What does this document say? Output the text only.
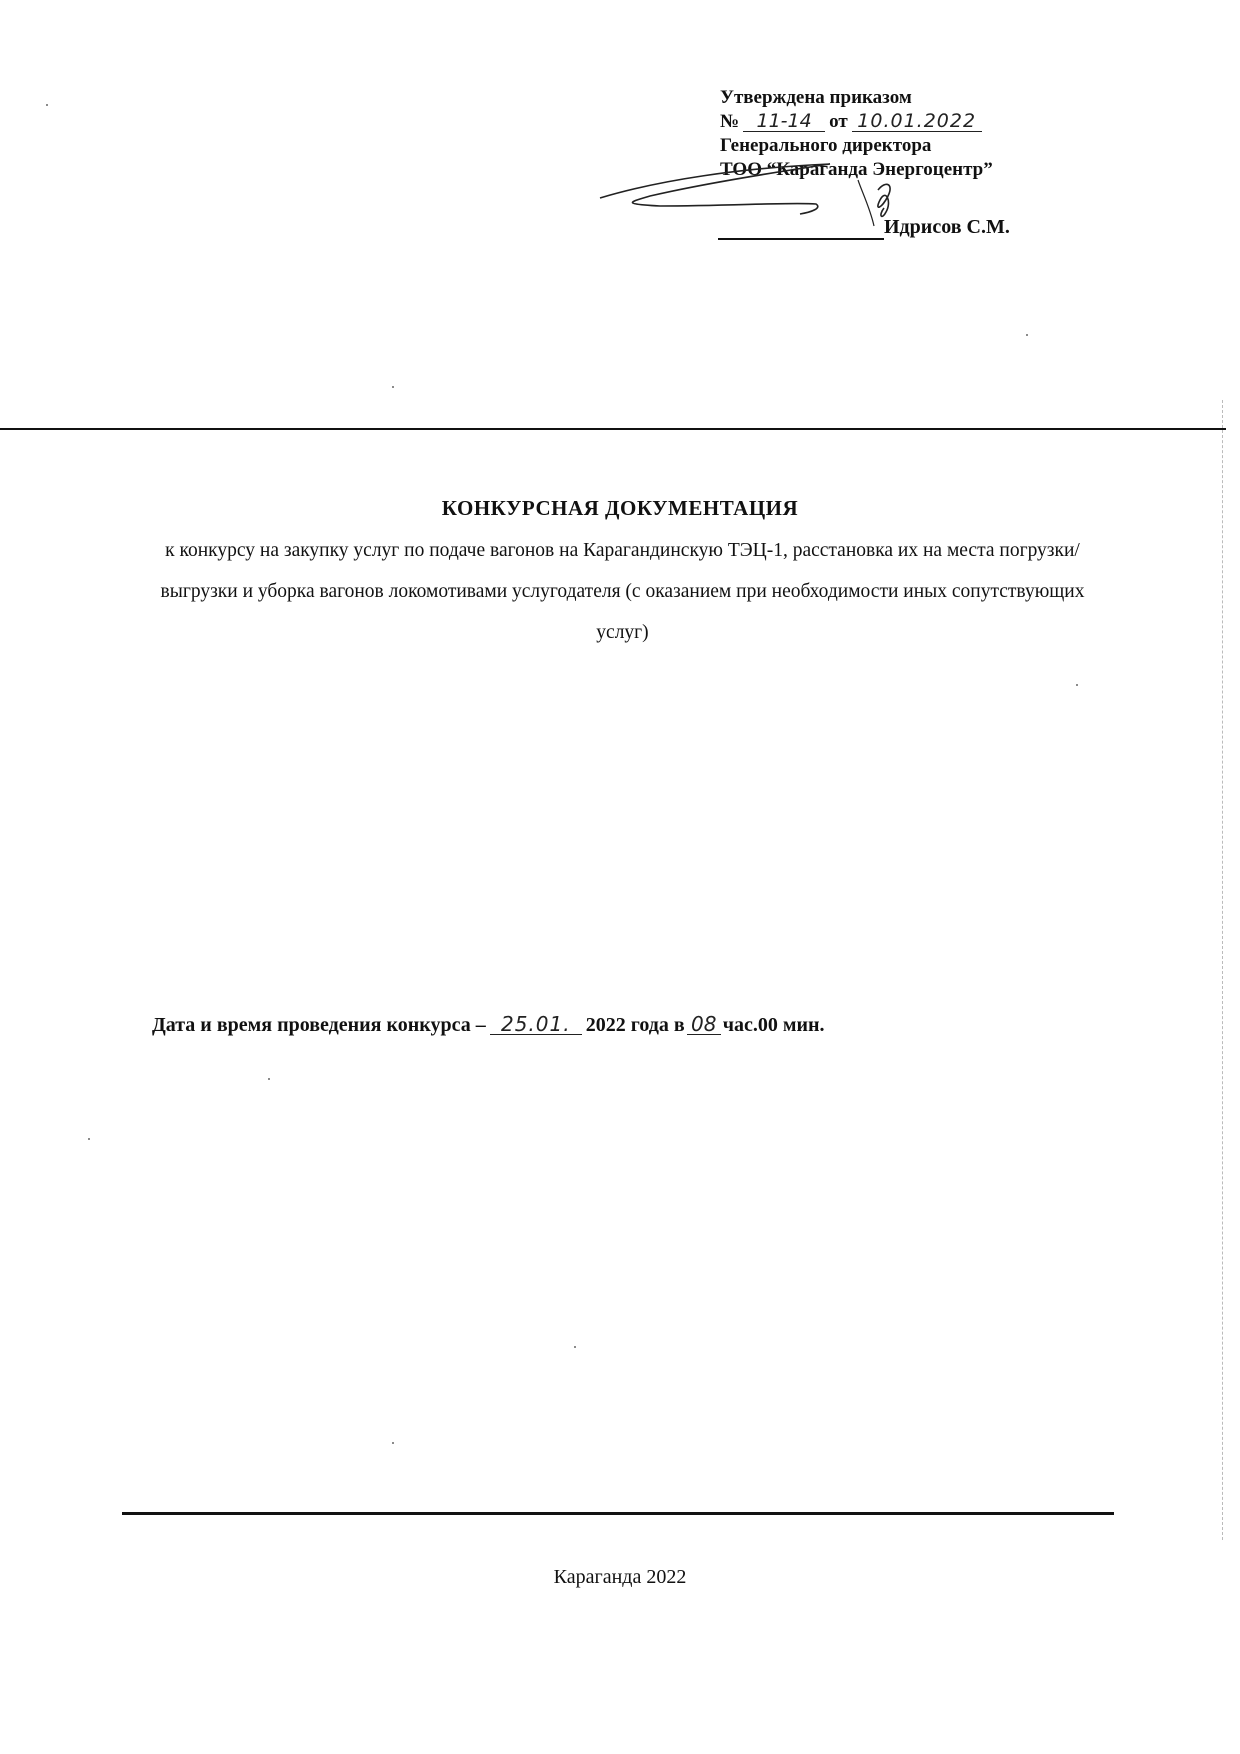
Утверждена приказом
№ 11-14 от 10.01.2022
Генерального директора
ТОО “Караганда Энергоцентр”
Идрисов С.М.
КОНКУРСНАЯ ДОКУМЕНТАЦИЯ
к конкурсу на закупку услуг по подаче вагонов на Карагандинскую ТЭЦ-1, расстановка их на места погрузки/выгрузки и уборка вагонов локомотивами услугодателя (с оказанием при необходимости иных сопутствующих услуг)
Дата и время проведения конкурса – 25.01. 2022 года в 08 час.00 мин.
Караганда 2022
